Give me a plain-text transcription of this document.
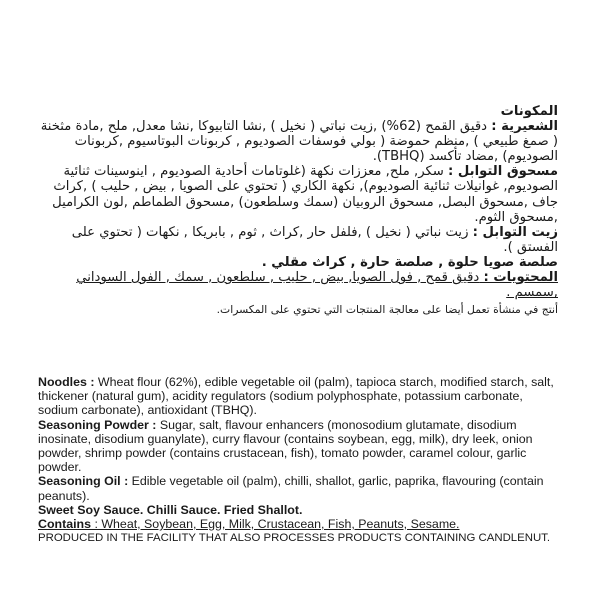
المكونات

الشعيرية : دقيق القمح (62%) ,زيت نباتي ( نخيل ) ,نشا التابيوكا ,نشا معدل, ملح ,مادة مثخنة ( صمغ طبيعي ) ,منظم حموضة ( بولي فوسفات الصوديوم , كربونات البوتاسيوم ,كربونات الصوديوم) ,مضاد تأكسد (TBHQ).

مسحوق التوابل : سكر, ملح, معززات نكهة (غلوتامات أحادية الصوديوم , اينوسينات ثنائية الصوديوم, غوانيلات ثنائية الصوديوم), نكهة الكاري ( تحتوي على الصويا , بيض , حليب ) ,كراث جاف ,مسحوق البصل, مسحوق الروبيان (سمك وسلطعون) ,مسحوق الطماطم ,لون الكراميل ,مسحوق الثوم.

زيت التوابل : زيت نباتي ( نخيل ) ,فلفل حار ,كراث , ثوم , بابريكا , نكهات ( تحتوي على الفستق ).

صلصة صويا حلوة , صلصة حارة , كراث مقلي .

المحتويات : دقيق قمح , فول الصويا, بيض , حليب , سلطعون , سمك , الفول السوداني ,سمسم .

أنتج في منشأة تعمل أيضا على معالجة المنتجات التي تحتوي على المكسرات.

Noodles : Wheat flour (62%), edible vegetable oil (palm), tapioca starch, modified starch, salt, thickener (natural gum), acidity regulators (sodium polyphosphate, potassium carbonate, sodium carbonate), antioxidant (TBHQ).

Seasoning Powder : Sugar, salt, flavour enhancers (monosodium glutamate, disodium inosinate, disodium guanylate), curry flavour (contains soybean, egg, milk), dry leek, onion powder, shrimp powder (contains crustacean, fish), tomato powder, caramel colour, garlic powder.

Seasoning Oil : Edible vegetable oil (palm), chilli, shallot, garlic, paprika, flavouring (contain peanuts).

Sweet Soy Sauce. Chilli Sauce. Fried Shallot.

Contains : Wheat, Soybean, Egg, Milk, Crustacean, Fish, Peanuts, Sesame.

PRODUCED IN THE FACILITY THAT ALSO PROCESSES PRODUCTS CONTAINING CANDLENUT.
